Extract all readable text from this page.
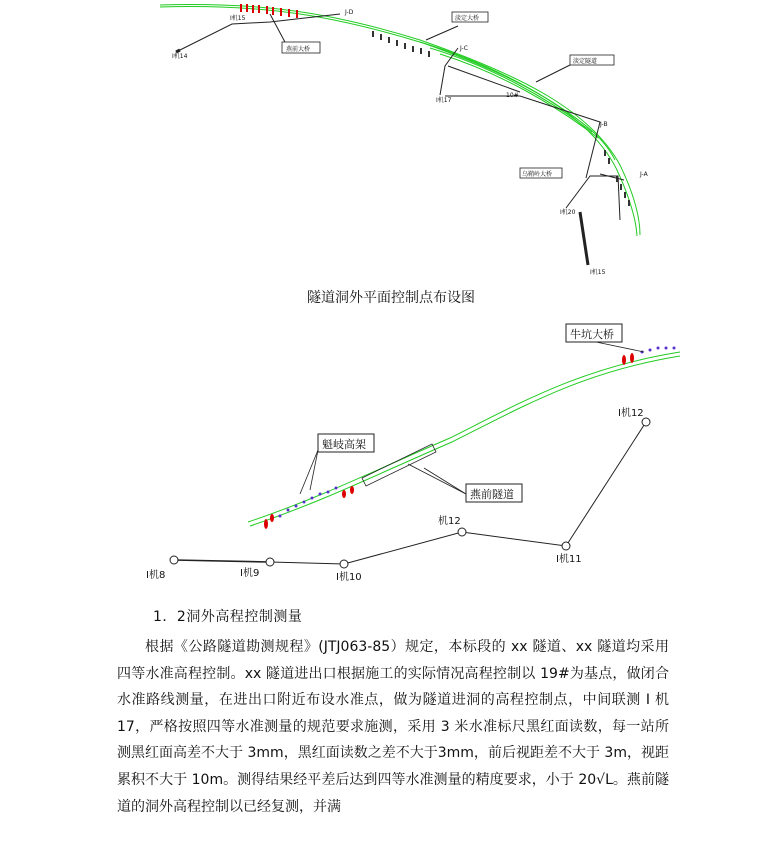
燕前大桥
淡定大桥
淡定隧道
乌鞘岭大桥
J-D
J-C
J-B
J-A
I机15
I机14
I机17
10#
I机20
I机15
隧道洞外平面控制点布设图
牛坑大桥
魁岐高架
燕前隧道
I机8	I机9	I机10
机12
I机11
I机12
1．2洞外高程控制测量
根据《公路隧道勘测规程》(JTJ063-85）规定，本标段的 xx 隧道、xx 隧道均采用四等水准高程控制。xx 隧道进出口根据施工的实际情况高程控制以 19#为基点，做闭合水准路线测量，在进出口附近布设水准点，做为隧道进洞的高程控制点，中间联测 I 机17，严格按照四等水准测量的规范要求施测，采用 3 米水准标尺黑红面读数，每一站所测黑红面高差不大于 3mm，黑红面读数之差不大于3mm，前后视距差不大于 3m，视距累积不大于 10m。测得结果经平差后达到四等水准测量的精度要求，小于 20√L。燕前隧道的洞外高程控制以已经复测，并满
